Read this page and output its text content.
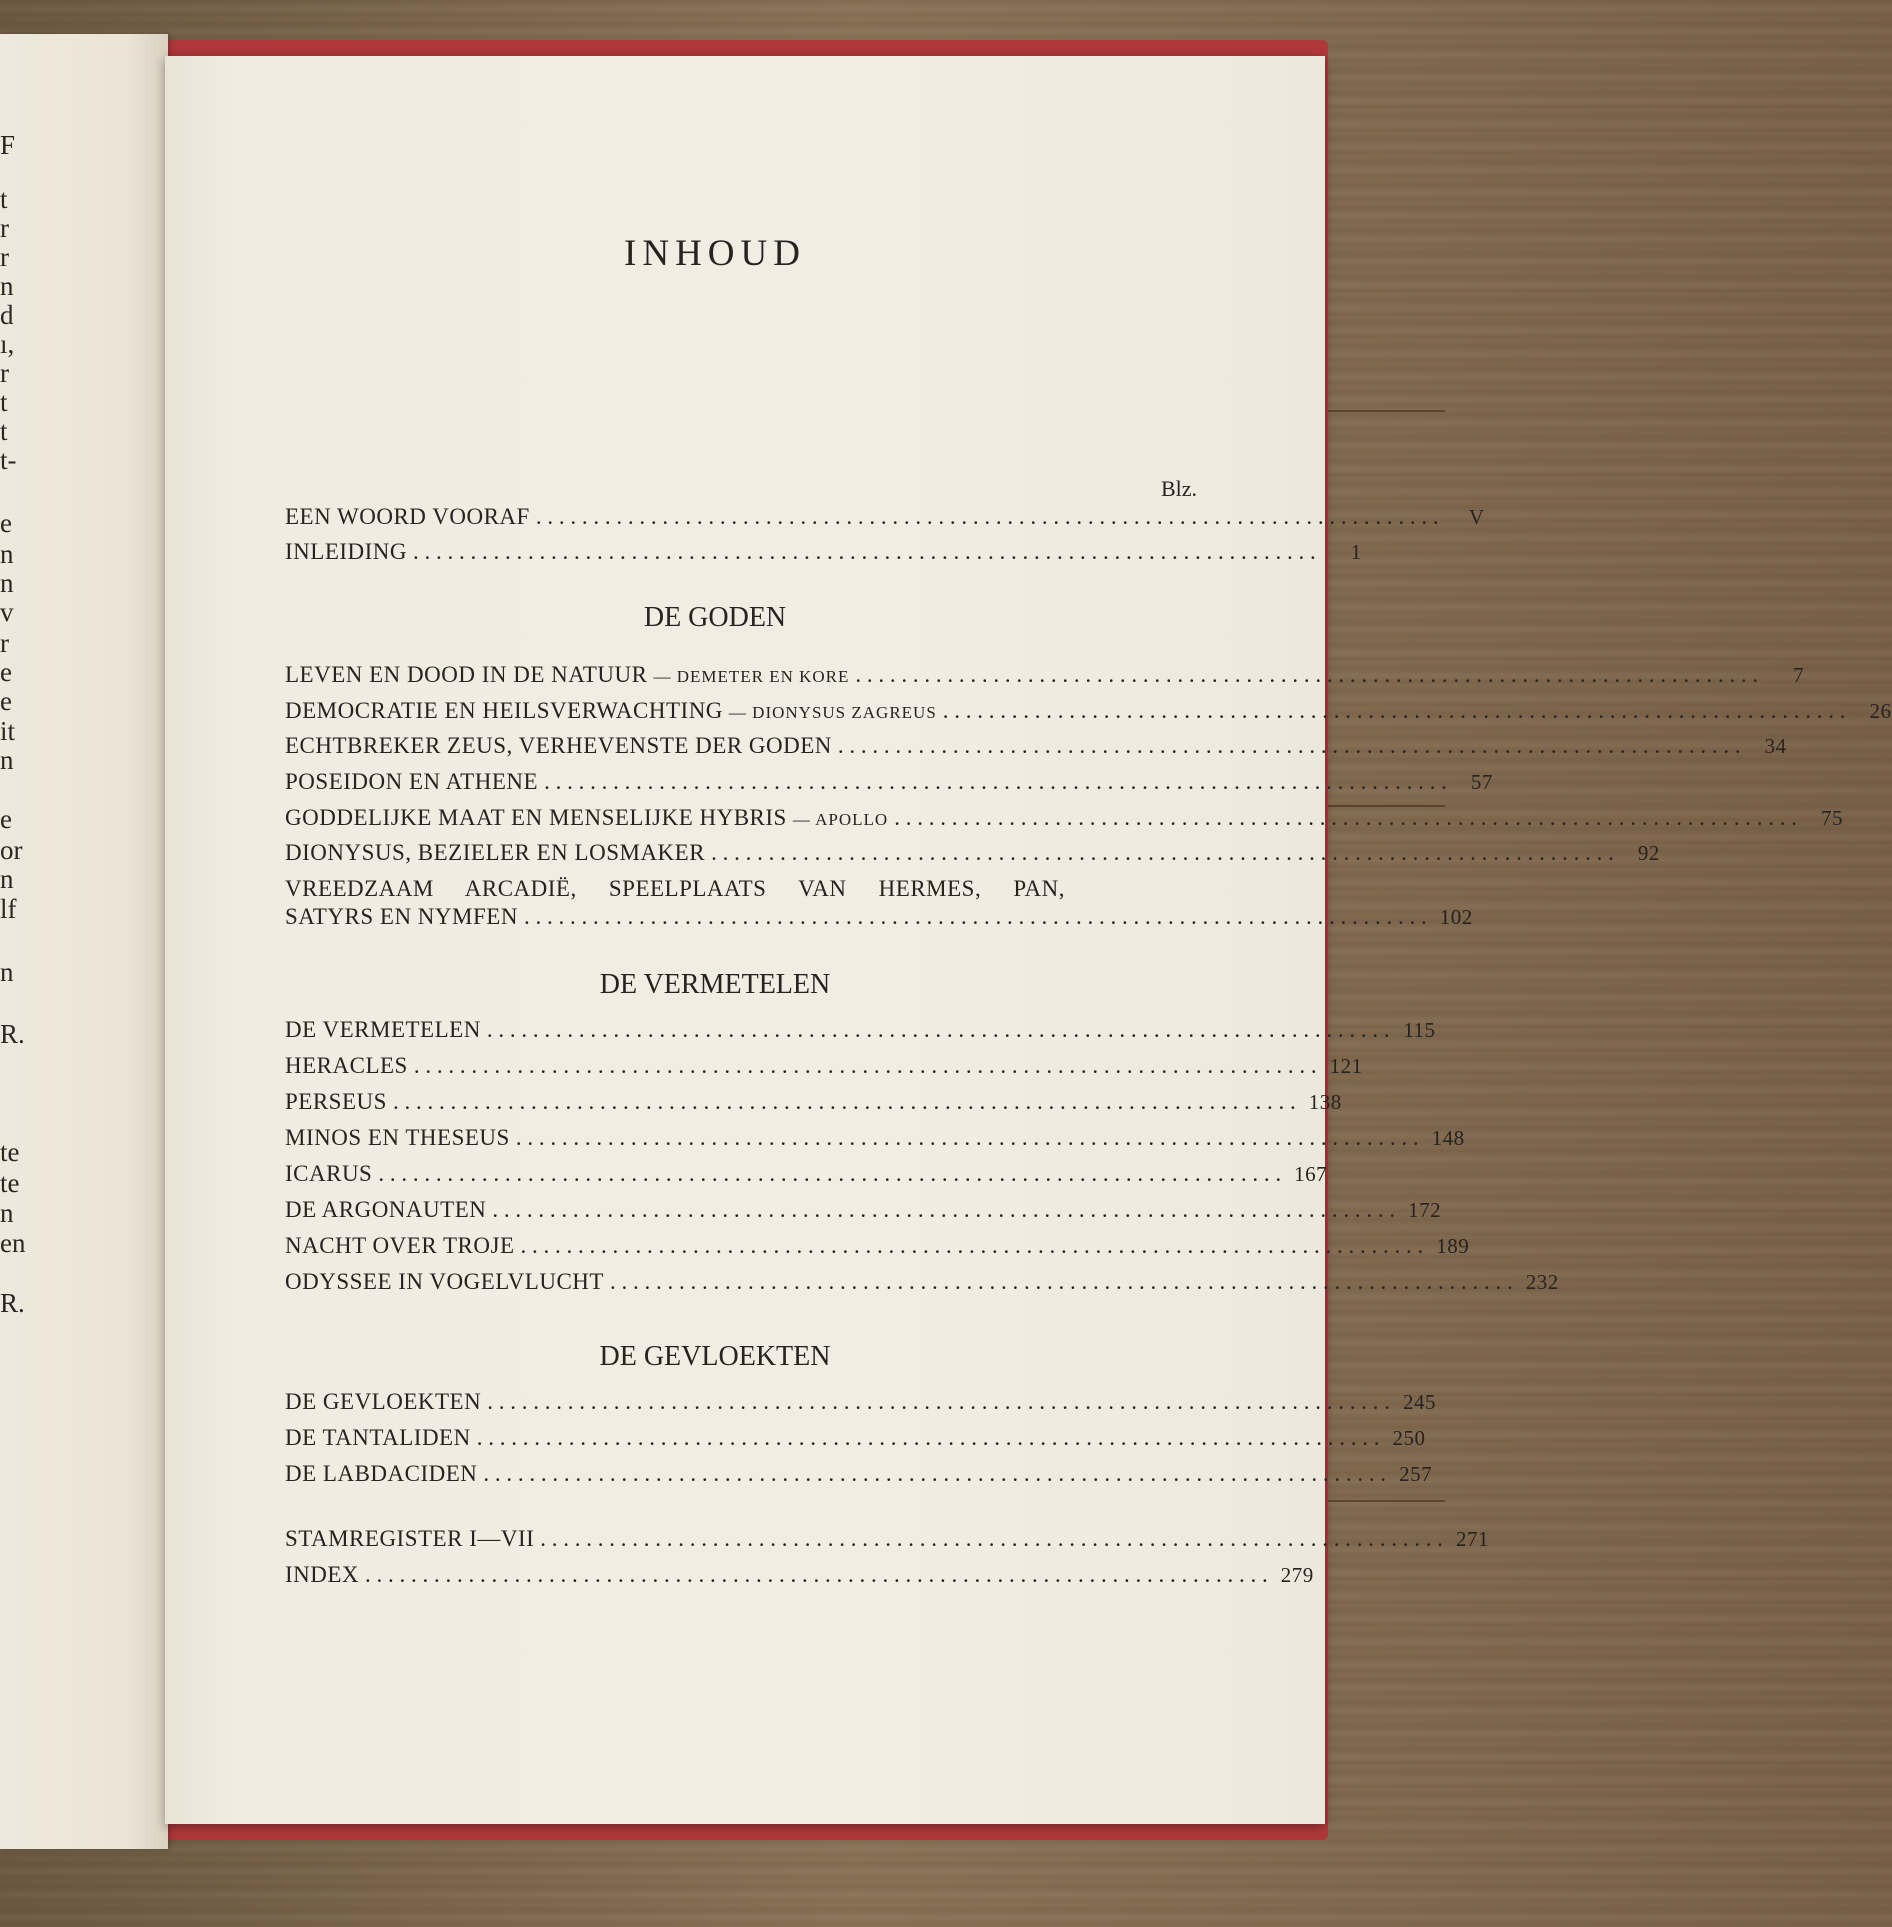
F
t
r
r
n
d
ı,
r
t
t
t-
e
n
n
v
r
e
e
it
n
e
or
n
lf
n
R.
te
te
n
en
R.
INHOUD
Blz.
EEN WOORD VOORAF . . . . . . . . . . . . . . . . . . . . . . . . . . . . . . . . . . . . . . . . . . . . . . . . . . . . . . . . . . . . . . . . . . . . . . . . . . . . . . .	V
INLEIDING . . . . . . . . . . . . . . . . . . . . . . . . . . . . . . . . . . . . . . . . . . . . . . . . . . . . . . . . . . . . . . . . . . . . . . . . . . . . . . .	1
DE GODEN
LEVEN EN DOOD IN DE NATUUR — DEMETER EN KORE . . . . . . . . . . . . . . . . . . . . . . . . . . . . . . . . . . . . . . . . . . . . . . . . . . . . . . . . . . . . . . . . . . . . . . . . . . . . . . .	7
DEMOCRATIE EN HEILSVERWACHTING — DIONYSUS ZAGREUS . . . . . . . . . . . . . . . . . . . . . . . . . . . . . . . . . . . . . . . . . . . . . . . . . . . . . . . . . . . . . . . . . . . . . . . . . . . . . . .	26
ECHTBREKER ZEUS, VERHEVENSTE DER GODEN . . . . . . . . . . . . . . . . . . . . . . . . . . . . . . . . . . . . . . . . . . . . . . . . . . . . . . . . . . . . . . . . . . . . . . . . . . . . . . .	34
POSEIDON EN ATHENE . . . . . . . . . . . . . . . . . . . . . . . . . . . . . . . . . . . . . . . . . . . . . . . . . . . . . . . . . . . . . . . . . . . . . . . . . . . . . . .	57
GODDELIJKE MAAT EN MENSELIJKE HYBRIS — APOLLO . . . . . . . . . . . . . . . . . . . . . . . . . . . . . . . . . . . . . . . . . . . . . . . . . . . . . . . . . . . . . . . . . . . . . . . . . . . . . . .	75
DIONYSUS, BEZIELER EN LOSMAKER . . . . . . . . . . . . . . . . . . . . . . . . . . . . . . . . . . . . . . . . . . . . . . . . . . . . . . . . . . . . . . . . . . . . . . . . . . . . . . .	92
VREEDZAAM ARCADIË, SPEELPLAATS VAN HERMES, PAN,
SATYRS EN NYMFEN . . . . . . . . . . . . . . . . . . . . . . . . . . . . . . . . . . . . . . . . . . . . . . . . . . . . . . . . . . . . . . . . . . . . . . . . . . . . . . . 102
DE VERMETELEN
DE VERMETELEN . . . . . . . . . . . . . . . . . . . . . . . . . . . . . . . . . . . . . . . . . . . . . . . . . . . . . . . . . . . . . . . . . . . . . . . . . . . . . . . 115
HERACLES . . . . . . . . . . . . . . . . . . . . . . . . . . . . . . . . . . . . . . . . . . . . . . . . . . . . . . . . . . . . . . . . . . . . . . . . . . . . . . . 121
PERSEUS . . . . . . . . . . . . . . . . . . . . . . . . . . . . . . . . . . . . . . . . . . . . . . . . . . . . . . . . . . . . . . . . . . . . . . . . . . . . . . . 138
MINOS EN THESEUS . . . . . . . . . . . . . . . . . . . . . . . . . . . . . . . . . . . . . . . . . . . . . . . . . . . . . . . . . . . . . . . . . . . . . . . . . . . . . . . 148
ICARUS . . . . . . . . . . . . . . . . . . . . . . . . . . . . . . . . . . . . . . . . . . . . . . . . . . . . . . . . . . . . . . . . . . . . . . . . . . . . . . . 167
DE ARGONAUTEN . . . . . . . . . . . . . . . . . . . . . . . . . . . . . . . . . . . . . . . . . . . . . . . . . . . . . . . . . . . . . . . . . . . . . . . . . . . . . . . 172
NACHT OVER TROJE . . . . . . . . . . . . . . . . . . . . . . . . . . . . . . . . . . . . . . . . . . . . . . . . . . . . . . . . . . . . . . . . . . . . . . . . . . . . . . . 189
ODYSSEE IN VOGELVLUCHT . . . . . . . . . . . . . . . . . . . . . . . . . . . . . . . . . . . . . . . . . . . . . . . . . . . . . . . . . . . . . . . . . . . . . . . . . . . . . . . 232
DE GEVLOEKTEN
DE GEVLOEKTEN . . . . . . . . . . . . . . . . . . . . . . . . . . . . . . . . . . . . . . . . . . . . . . . . . . . . . . . . . . . . . . . . . . . . . . . . . . . . . . . 245
DE TANTALIDEN . . . . . . . . . . . . . . . . . . . . . . . . . . . . . . . . . . . . . . . . . . . . . . . . . . . . . . . . . . . . . . . . . . . . . . . . . . . . . . . 250
DE LABDACIDEN . . . . . . . . . . . . . . . . . . . . . . . . . . . . . . . . . . . . . . . . . . . . . . . . . . . . . . . . . . . . . . . . . . . . . . . . . . . . . . . 257
STAMREGISTER I—VII . . . . . . . . . . . . . . . . . . . . . . . . . . . . . . . . . . . . . . . . . . . . . . . . . . . . . . . . . . . . . . . . . . . . . . . . . . . . . . . 271
INDEX . . . . . . . . . . . . . . . . . . . . . . . . . . . . . . . . . . . . . . . . . . . . . . . . . . . . . . . . . . . . . . . . . . . . . . . . . . . . . . . 279
